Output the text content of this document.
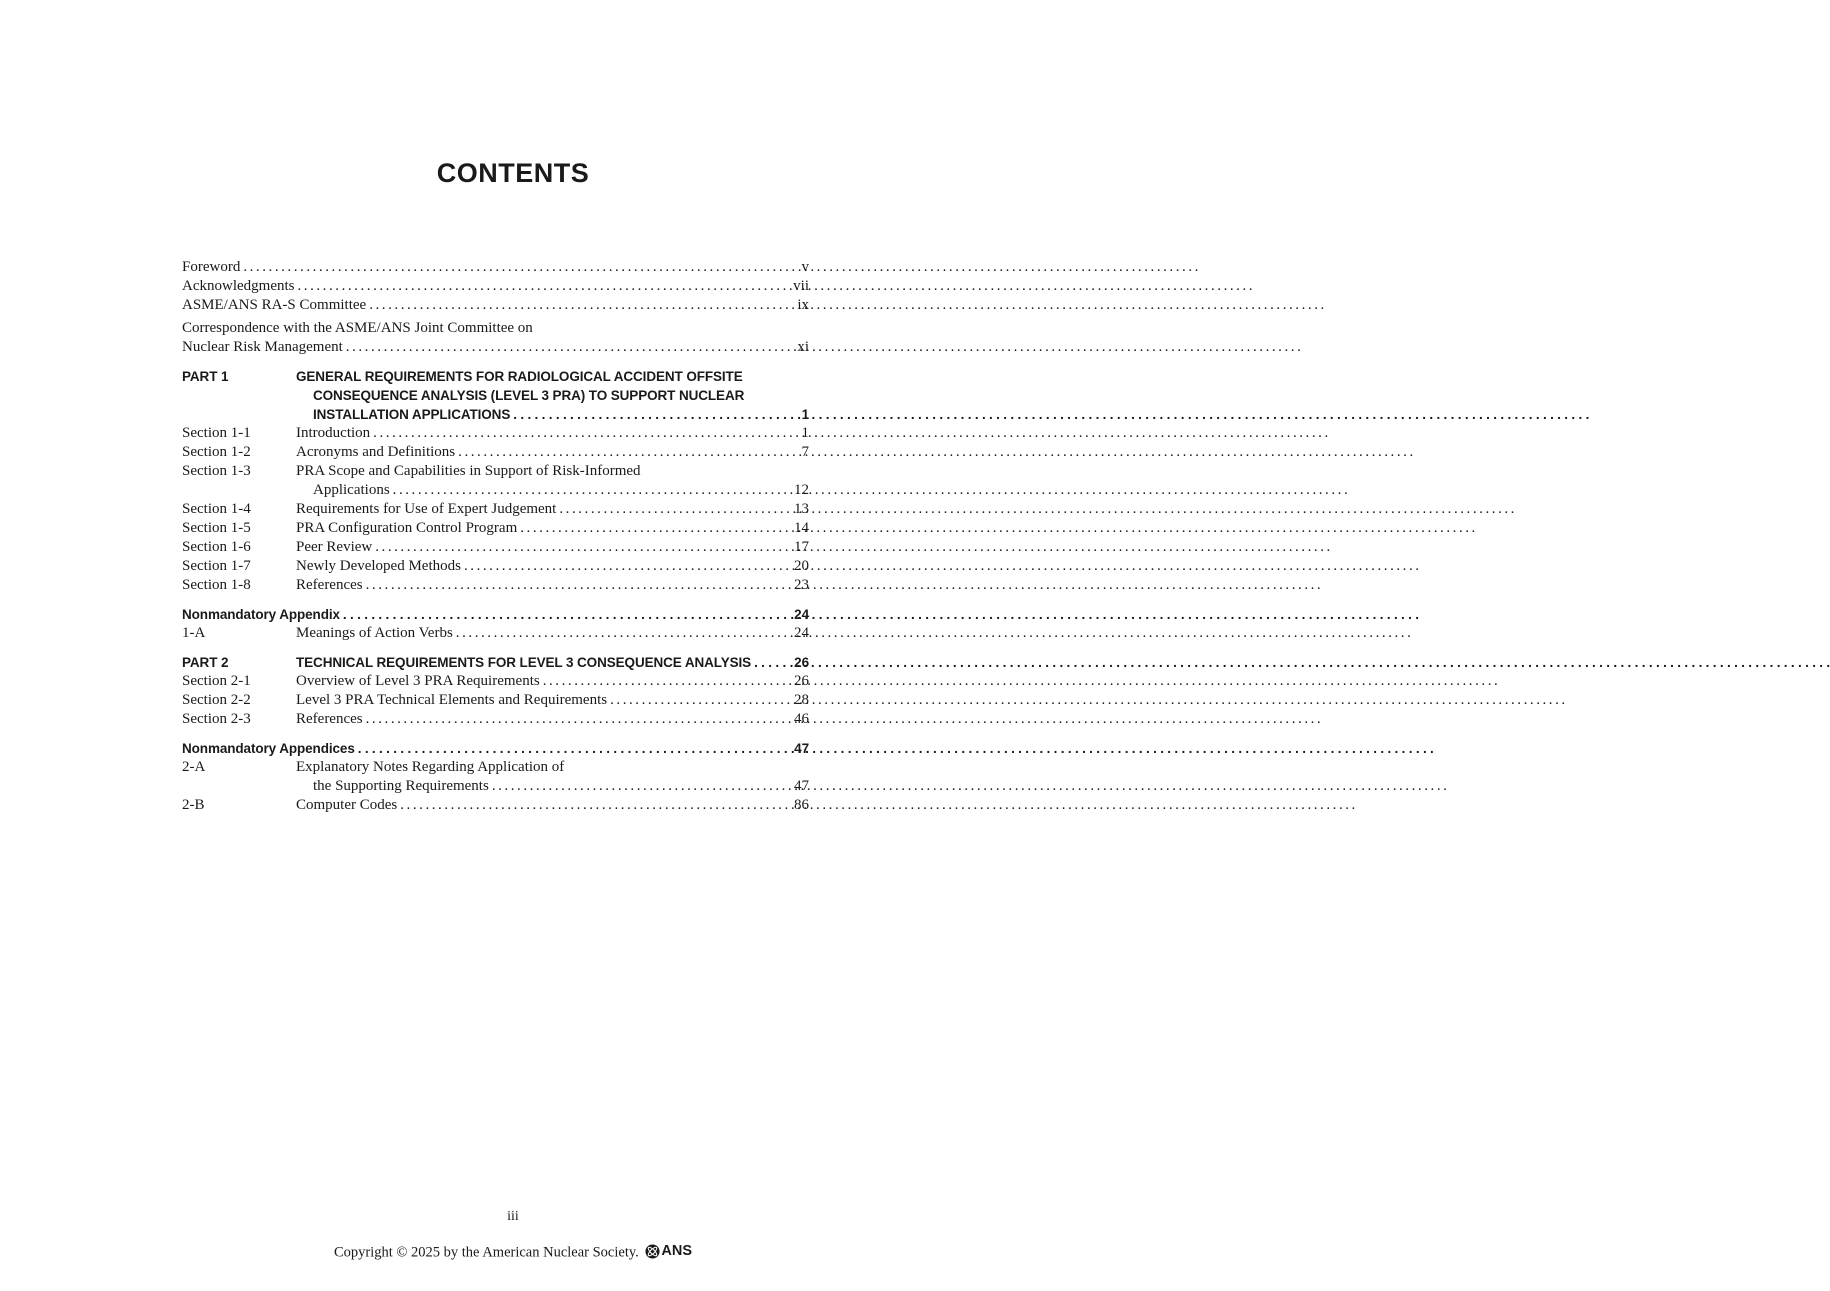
CONTENTS
Foreword . . .	v
Acknowledgments . . .	vii
ASME/ANS RA-S Committee . . .	ix
Correspondence with the ASME/ANS Joint Committee on
Nuclear Risk Management . . .	xi
PART 1	GENERAL REQUIREMENTS FOR RADIOLOGICAL ACCIDENT OFFSITE
CONSEQUENCE ANALYSIS (LEVEL 3 PRA) TO SUPPORT NUCLEAR
INSTALLATION APPLICATIONS . . .	1
Section 1-1	Introduction . . .	1
Section 1-2	Acronyms and Definitions . . .	7
Section 1-3	PRA Scope and Capabilities in Support of Risk-Informed
Applications . . .	12
Section 1-4	Requirements for Use of Expert Judgement . . .	13
Section 1-5	PRA Configuration Control Program . . .	14
Section 1-6	Peer Review . . .	17
Section 1-7	Newly Developed Methods . . .	20
Section 1-8	References . . .	23
Nonmandatory Appendix . . .	24
1-A	Meanings of Action Verbs . . .	24
PART 2	TECHNICAL REQUIREMENTS FOR LEVEL 3 CONSEQUENCE ANALYSIS . . .	26
Section 2-1	Overview of Level 3 PRA Requirements . . .	26
Section 2-2	Level 3 PRA Technical Elements and Requirements . . .	28
Section 2-3	References . . .	46
Nonmandatory Appendices . . .	47
2-A	Explanatory Notes Regarding Application of
the Supporting Requirements . . .	47
2-B	Computer Codes . . .	86
iii
Copyright © 2025 by the American Nuclear Society. ANS
